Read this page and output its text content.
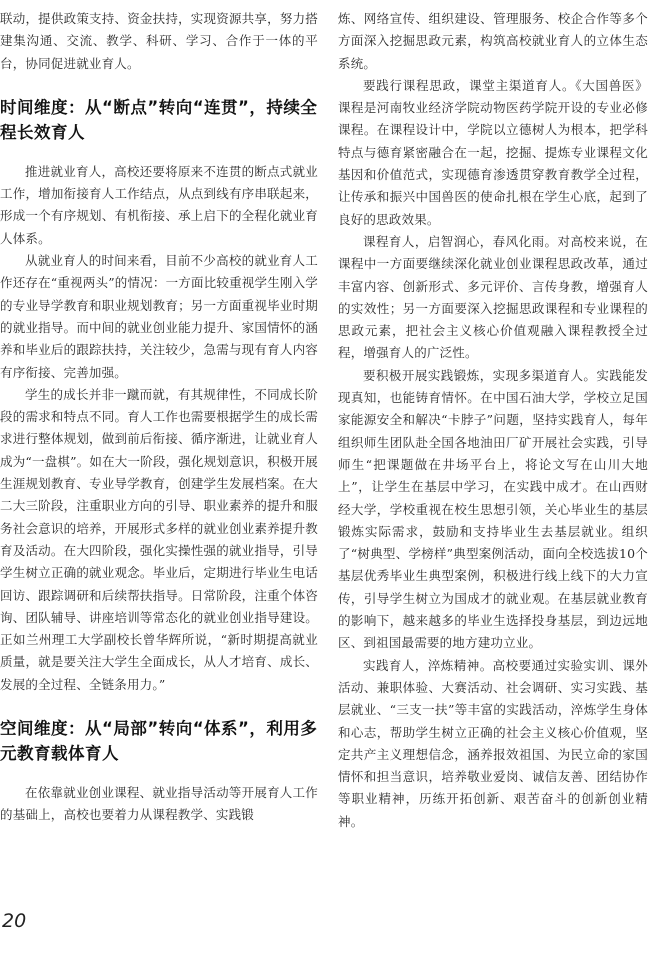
联动，提供政策支持、资金扶持，实现资源共享，努力搭建集沟通、交流、教学、科研、学习、合作于一体的平台，协同促进就业育人。

时间维度：从“断点”转向“连贯”，持续全程长效育人

推进就业育人，高校还要将原来不连贯的断点式就业工作，增加衔接育人工作结点，从点到线有序串联起来，形成一个有序规划、有机衔接、承上启下的全程化就业育人体系。

从就业育人的时间来看，目前不少高校的就业育人工作还存在“重视两头”的情况：一方面比较重视学生刚入学的专业导学教育和职业规划教育；另一方面重视毕业时期的就业指导。而中间的就业创业能力提升、家国情怀的涵养和毕业后的跟踪扶持，关注较少，急需与现有育人内容有序衔接、完善加强。

学生的成长并非一蹴而就，有其规律性，不同成长阶段的需求和特点不同。育人工作也需要根据学生的成长需求进行整体规划，做到前后衔接、循序渐进，让就业育人成为“一盘棋”。如在大一阶段，强化规划意识，积极开展生涯规划教育、专业导学教育，创建学生发展档案。在大二大三阶段，注重职业方向的引导、职业素养的提升和服务社会意识的培养，开展形式多样的就业创业素养提升教育及活动。在大四阶段，强化实操性强的就业指导，引导学生树立正确的就业观念。毕业后，定期进行毕业生电话回访、跟踪调研和后续帮扶指导。日常阶段，注重个体咨询、团队辅导、讲座培训等常态化的就业创业指导建设。正如兰州理工大学副校长曾华辉所说，“新时期提高就业质量，就是要关注大学生全面成长，从人才培育、成长、发展的全过程、全链条用力。”

空间维度：从“局部”转向“体系”，利用多元教育载体育人

在依靠就业创业课程、就业指导活动等开展育人工作的基础上，高校也要着力从课程教学、实践锻

炼、网络宣传、组织建设、管理服务、校企合作等多个方面深入挖掘思政元素，构筑高校就业育人的立体生态系统。

要践行课程思政，课堂主渠道育人。《大国兽医》课程是河南牧业经济学院动物医药学院开设的专业必修课程。在课程设计中，学院以立德树人为根本，把学科特点与德育紧密融合在一起，挖掘、提炼专业课程文化基因和价值范式，实现德育渗透贯穿教育教学全过程，让传承和振兴中国兽医的使命扎根在学生心底，起到了良好的思政效果。

课程育人，启智润心，春风化雨。对高校来说，在课程中一方面要继续深化就业创业课程思政改革，通过丰富内容、创新形式、多元评价、言传身教，增强育人的实效性；另一方面要深入挖掘思政课程和专业课程的思政元素，把社会主义核心价值观融入课程教授全过程，增强育人的广泛性。

要积极开展实践锻炼，实现多渠道育人。实践能发现真知，也能铸育情怀。在中国石油大学，学校立足国家能源安全和解决“卡脖子”问题，坚持实践育人，每年组织师生团队赴全国各地油田厂矿开展社会实践，引导师生“把课题做在井场平台上，将论文写在山川大地上”，让学生在基层中学习，在实践中成才。在山西财经大学，学校重视在校生思想引领，关心毕业生的基层锻炼实际需求，鼓励和支持毕业生去基层就业。组织了“树典型、学榜样”典型案例活动，面向全校选拔10个基层优秀毕业生典型案例，积极进行线上线下的大力宣传，引导学生树立为国成才的就业观。在基层就业教育的影响下，越来越多的毕业生选择投身基层，到边远地区、到祖国最需要的地方建功立业。

实践育人，淬炼精神。高校要通过实验实训、课外活动、兼职体验、大赛活动、社会调研、实习实践、基层就业、“三支一扶”等丰富的实践活动，淬炼学生身体和心志，帮助学生树立正确的社会主义核心价值观，坚定共产主义理想信念，涵养报效祖国、为民立命的家国情怀和担当意识，培养敬业爱岗、诚信友善、团结协作等职业精神，历练开拓创新、艰苦奋斗的创新创业精神。

20
